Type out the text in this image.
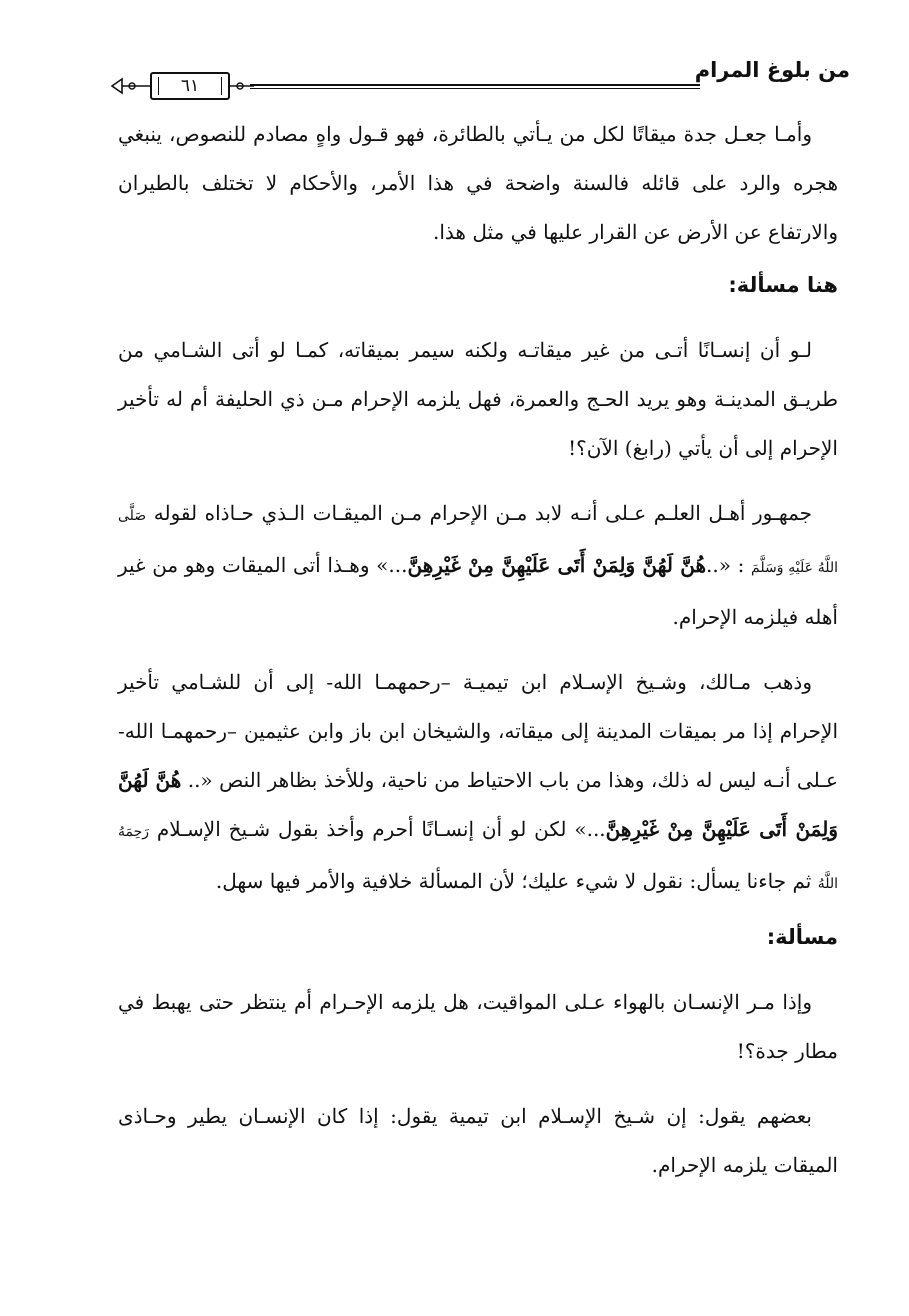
من بلوغ المرام
٦١

وأمـا جعـل جدة ميقاتًا لكل من يـأتي بالطائرة، فهو قـول واهٍ مصادم للنصوص، ينبغي هجره والرد على قائله فالسنة واضحة في هذا الأمر، والأحكام لا تختلف بالطيران والارتفاع عن الأرض عن القرار عليها في مثل هذا.

هنا مسألة:

لـو أن إنسـانًا أتـى من غير ميقاتـه ولكنه سيمر بميقاته، كمـا لو أتى الشـامي من طريـق المدينـة وهو يريد الحـج والعمرة، فهل يلزمه الإحرام مـن ذي الحليفة أم له تأخير الإحرام إلى أن يأتي (رابغ) الآن؟!

جمهـور أهـل العلـم عـلى أنـه لابد مـن الإحرام مـن الميقـات الـذي حـاذاه لقوله صَلَّى اللَّهُ عَلَيْهِ وَسَلَّمَ : «..هُنَّ لَهُنَّ وَلِمَنْ أَتَى عَلَيْهِنَّ مِنْ غَيْرِهِنَّ...» وهـذا أتى الميقات وهو من غير أهله فيلزمه الإحرام.

وذهب مـالك، وشـيخ الإسـلام ابن تيميـة –رحمهمـا الله- إلى أن للشـامي تأخير الإحرام إذا مر بميقات المدينة إلى ميقاته، والشيخان ابن باز وابن عثيمين –رحمهمـا الله- عـلى أنـه ليس له ذلك، وهذا من باب الاحتياط من ناحية، وللأخذ بظاهر النص «.. هُنَّ لَهُنَّ وَلِمَنْ أَتَى عَلَيْهِنَّ مِنْ غَيْرِهِنَّ...» لكن لو أن إنسـانًا أحرم وأخذ بقول شـيخ الإسـلام رَحِمَهُ اللَّهُ ثم جاءنا يسأل: نقول لا شيء عليك؛ لأن المسألة خلافية والأمر فيها سهل.

مسألة:

وإذا مـر الإنسـان بالهواء عـلى المواقيت، هل يلزمه الإحـرام أم ينتظر حتى يهبط في مطار جدة؟!

بعضهم يقول: إن شـيخ الإسـلام ابن تيمية يقول: إذا كان الإنسـان يطير وحـاذى الميقات يلزمه الإحرام.
